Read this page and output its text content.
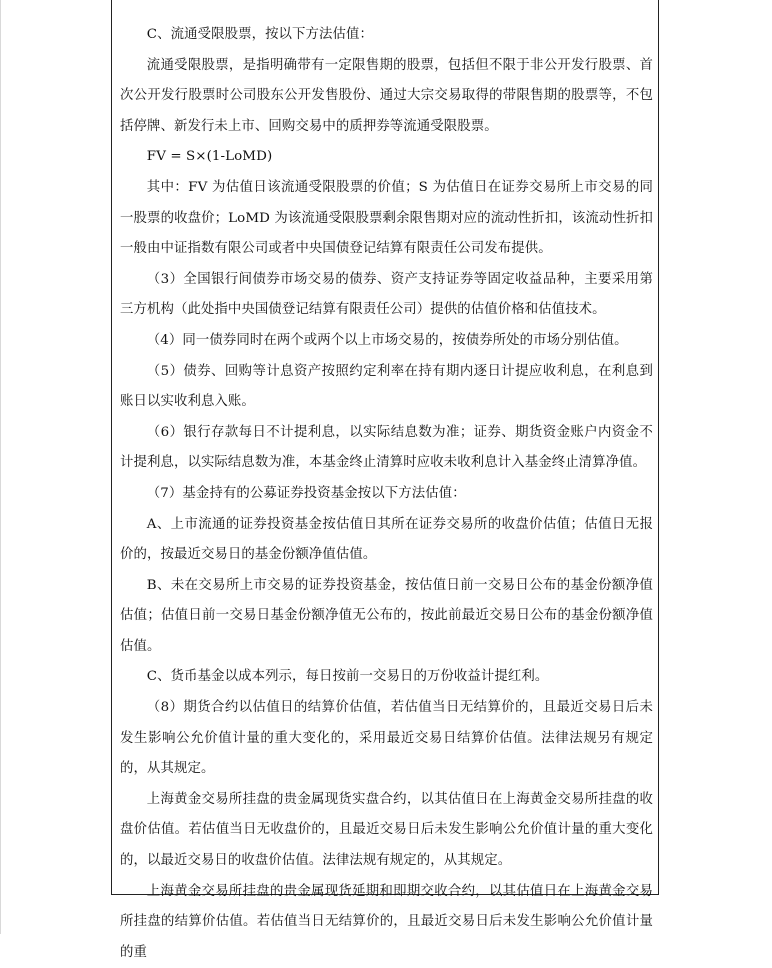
C、流通受限股票，按以下方法估值：

流通受限股票，是指明确带有一定限售期的股票，包括但不限于非公开发行股票、首次公开发行股票时公司股东公开发售股份、通过大宗交易取得的带限售期的股票等，不包括停牌、新发行未上市、回购交易中的质押券等流通受限股票。

FV = S×(1-LoMD)

其中：FV 为估值日该流通受限股票的价值；S 为估值日在证券交易所上市交易的同一股票的收盘价；LoMD 为该流通受限股票剩余限售期对应的流动性折扣，该流动性折扣一般由中证指数有限公司或者中央国债登记结算有限责任公司发布提供。

（3）全国银行间债券市场交易的债券、资产支持证券等固定收益品种，主要采用第三方机构（此处指中央国债登记结算有限责任公司）提供的估值价格和估值技术。

（4）同一债券同时在两个或两个以上市场交易的，按债券所处的市场分别估值。

（5）债券、回购等计息资产按照约定利率在持有期内逐日计提应收利息，在利息到账日以实收利息入账。

（6）银行存款每日不计提利息，以实际结息数为准；证券、期货资金账户内资金不计提利息，以实际结息数为准，本基金终止清算时应收未收利息计入基金终止清算净值。

（7）基金持有的公募证券投资基金按以下方法估值：

A、上市流通的证券投资基金按估值日其所在证券交易所的收盘价估值；估值日无报价的，按最近交易日的基金份额净值估值。

B、未在交易所上市交易的证券投资基金，按估值日前一交易日公布的基金份额净值估值；估值日前一交易日基金份额净值无公布的，按此前最近交易日公布的基金份额净值估值。

C、货币基金以成本列示，每日按前一交易日的万份收益计提红利。

（8）期货合约以估值日的结算价估值，若估值当日无结算价的，且最近交易日后未发生影响公允价值计量的重大变化的，采用最近交易日结算价估值。法律法规另有规定的，从其规定。

上海黄金交易所挂盘的贵金属现货实盘合约，以其估值日在上海黄金交易所挂盘的收盘价估值。若估值当日无收盘价的，且最近交易日后未发生影响公允价值计量的重大变化的，以最近交易日的收盘价估值。法律法规有规定的，从其规定。

上海黄金交易所挂盘的贵金属现货延期和即期交收合约，以其估值日在上海黄金交易所挂盘的结算价估值。若估值当日无结算价的，且最近交易日后未发生影响公允价值计量的重
